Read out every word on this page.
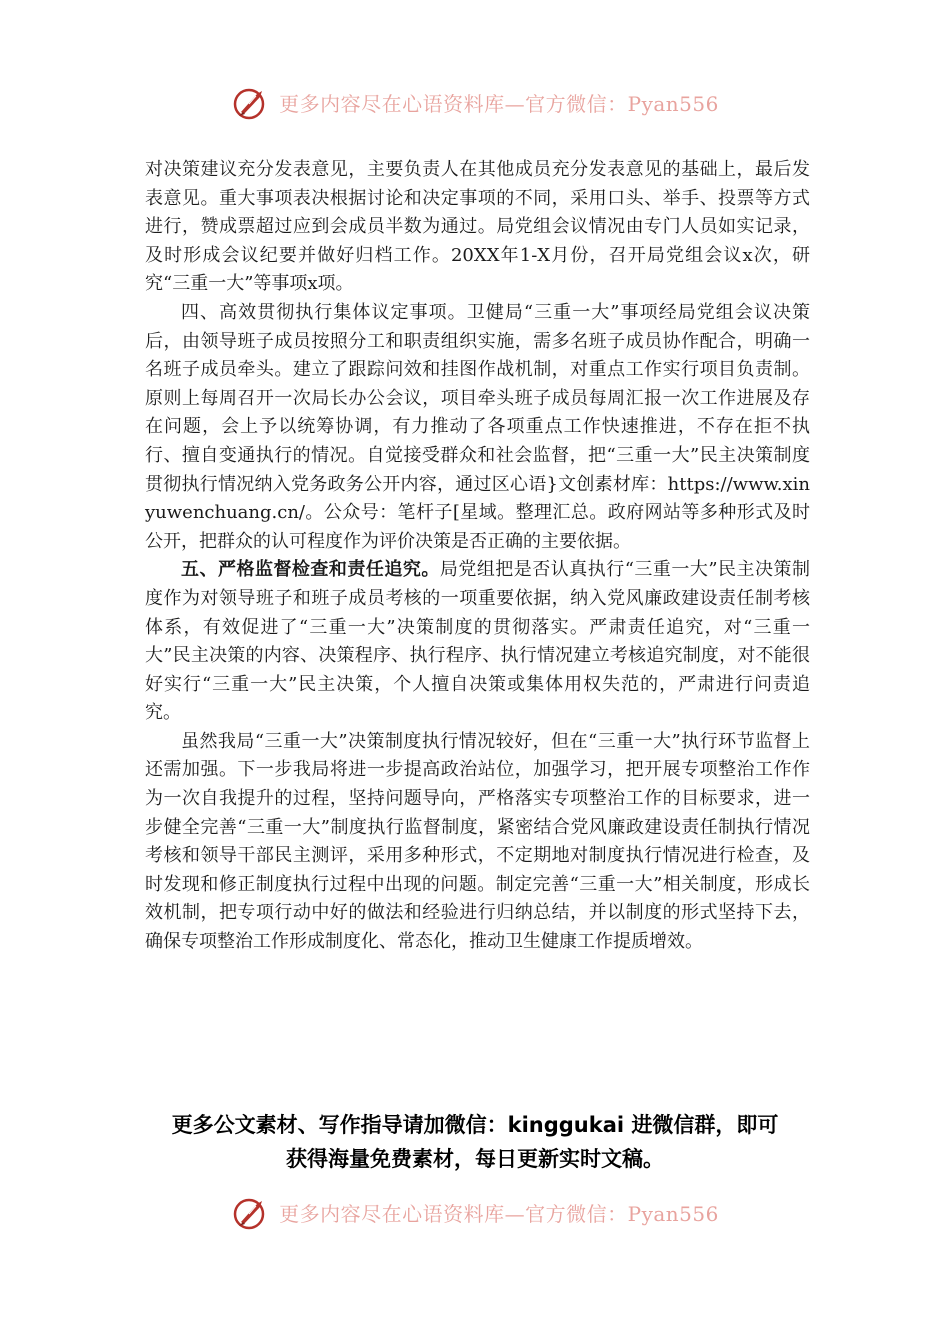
更多内容尽在心语资料库—官方微信：Pyan556

对决策建议充分发表意见，主要负责人在其他成员充分发表意见的基础上，最后发表意见。重大事项表决根据讨论和决定事项的不同，采用口头、举手、投票等方式进行，赞成票超过应到会成员半数为通过。局党组会议情况由专门人员如实记录，及时形成会议纪要并做好归档工作。20XX年1-X月份，召开局党组会议x次，研究“三重一大”等事项x项。

四、高效贯彻执行集体议定事项。卫健局“三重一大”事项经局党组会议决策后，由领导班子成员按照分工和职责组织实施，需多名班子成员协作配合，明确一名班子成员牵头。建立了跟踪问效和挂图作战机制，对重点工作实行项目负责制。原则上每周召开一次局长办公会议，项目牵头班子成员每周汇报一次工作进展及存在问题，会上予以统筹协调，有力推动了各项重点工作快速推进，不存在拒不执行、擅自变通执行的情况。自觉接受群众和社会监督，把“三重一大”民主决策制度贯彻执行情况纳入党务政务公开内容，通过区心语}文创素材库：https://www.xinyuwenchuang.cn/。公众号：笔杆子[星域。整理汇总。政府网站等多种形式及时公开，把群众的认可程度作为评价决策是否正确的主要依据。

五、严格监督检查和责任追究。局党组把是否认真执行“三重一大”民主决策制度作为对领导班子和班子成员考核的一项重要依据，纳入党风廉政建设责任制考核体系，有效促进了“三重一大”决策制度的贯彻落实。严肃责任追究，对“三重一大”民主决策的内容、决策程序、执行程序、执行情况建立考核追究制度，对不能很好实行“三重一大”民主决策，个人擅自决策或集体用权失范的，严肃进行问责追究。

虽然我局“三重一大”决策制度执行情况较好，但在“三重一大”执行环节监督上还需加强。下一步我局将进一步提高政治站位，加强学习，把开展专项整治工作作为一次自我提升的过程，坚持问题导向，严格落实专项整治工作的目标要求，进一步健全完善“三重一大”制度执行监督制度，紧密结合党风廉政建设责任制执行情况考核和领导干部民主测评，采用多种形式，不定期地对制度执行情况进行检查，及时发现和修正制度执行过程中出现的问题。制定完善“三重一大”相关制度，形成长效机制，把专项行动中好的做法和经验进行归纳总结，并以制度的形式坚持下去，确保专项整治工作形成制度化、常态化，推动卫生健康工作提质增效。

更多公文素材、写作指导请加微信：kinggukai 进微信群，即可
获得海量免费素材，每日更新实时文稿。
更多内容尽在心语资料库—官方微信：Pyan556
